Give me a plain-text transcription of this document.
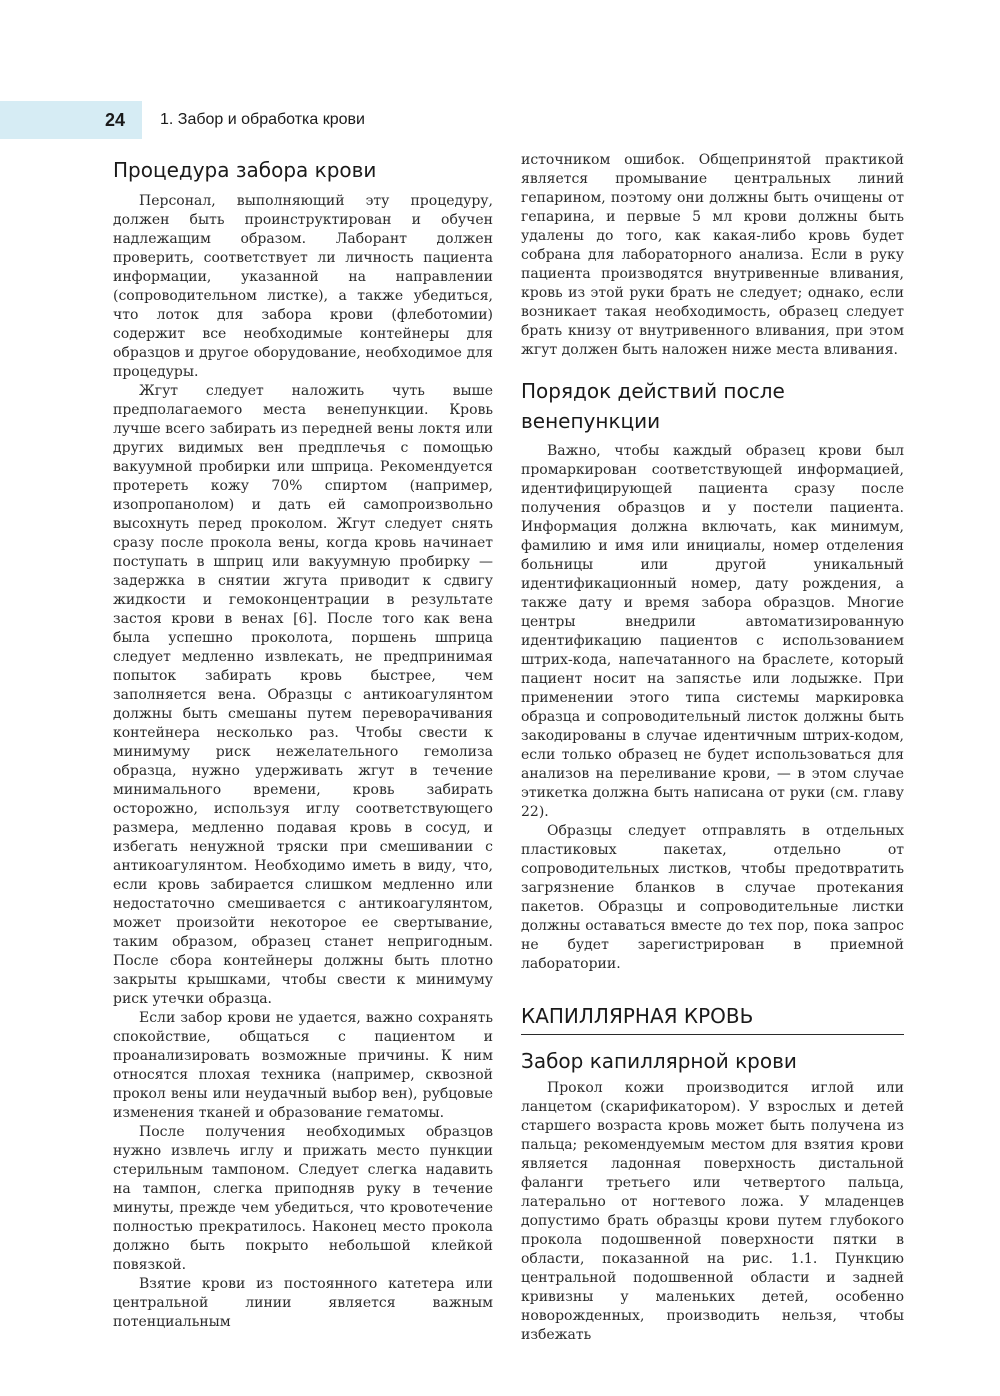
24	1. Забор и обработка крови
Процедура забора крови

Персонал, выполняющий эту процедуру, должен быть проинструктирован и обучен надлежащим образом. Лаборант должен проверить, соответствует ли личность пациента информации, указанной на направлении (сопроводительном листке), а также убедиться, что лоток для забора крови (флеботомии) содержит все необходимые контейнеры для образцов и другое оборудование, необходимое для процедуры.

Жгут следует наложить чуть выше предполагаемого места венепункции. Кровь лучше всего забирать из передней вены локтя или других видимых вен предплечья с помощью вакуумной пробирки или шприца. Рекомендуется протереть кожу 70% спиртом (например, изопропанолом) и дать ей самопроизвольно высохнуть перед проколом. Жгут следует снять сразу после прокола вены, когда кровь начинает поступать в шприц или вакуумную пробирку — задержка в снятии жгута приводит к сдвигу жидкости и гемоконцентрации в результате застоя крови в венах [6]. После того как вена была успешно проколота, поршень шприца следует медленно извлекать, не предпринимая попыток забирать кровь быстрее, чем заполняется вена. Образцы с антикоагулянтом должны быть смешаны путем переворачивания контейнера несколько раз. Чтобы свести к минимуму риск нежелательного гемолиза образца, нужно удерживать жгут в течение минимального времени, кровь забирать осторожно, используя иглу соответствующего размера, медленно подавая кровь в сосуд, и избегать ненужной тряски при смешивании с антикоагулянтом. Необходимо иметь в виду, что, если кровь забирается слишком медленно или недостаточно смешивается с антикоагулянтом, может произойти некоторое ее свертывание, таким образом, образец станет непригодным. После сбора контейнеры должны быть плотно закрыты крышками, чтобы свести к минимуму риск утечки образца.

Если забор крови не удается, важно сохранять спокойствие, общаться с пациентом и проанализировать возможные причины. К ним относятся плохая техника (например, сквозной прокол вены или неудачный выбор вен), рубцовые изменения тканей и образование гематомы.

После получения необходимых образцов нужно извлечь иглу и прижать место пункции стерильным тампоном. Следует слегка надавить на тампон, слегка приподняв руку в течение минуты, прежде чем убедиться, что кровотечение полностью прекратилось. Наконец место прокола должно быть покрыто небольшой клейкой повязкой.

Взятие крови из постоянного катетера или центральной линии является важным потенциальным

источником ошибок. Общепринятой практикой является промывание центральных линий гепарином, поэтому они должны быть очищены от гепарина, и первые 5 мл крови должны быть удалены до того, как какая-либо кровь будет собрана для лабораторного анализа. Если в руку пациента производятся внутривенные вливания, кровь из этой руки брать не следует; однако, если возникает такая необходимость, образец следует брать книзу от внутривенного вливания, при этом жгут должен быть наложен ниже места вливания.

Порядок действий после венепункции

Важно, чтобы каждый образец крови был промаркирован соответствующей информацией, идентифицирующей пациента сразу после получения образцов и у постели пациента. Информация должна включать, как минимум, фамилию и имя или инициалы, номер отделения больницы или другой уникальный идентификационный номер, дату рождения, а также дату и время забора образцов. Многие центры внедрили автоматизированную идентификацию пациентов с использованием штрих-кода, напечатанного на браслете, который пациент носит на запястье или лодыжке. При применении этого типа системы маркировка образца и сопроводительный листок должны быть закодированы в случае идентичным штрих-кодом, если только образец не будет использоваться для анализов на переливание крови, — в этом случае этикетка должна быть написана от руки (см. главу 22).

Образцы следует отправлять в отдельных пластиковых пакетах, отдельно от сопроводительных листков, чтобы предотвратить загрязнение бланков в случае протекания пакетов. Образцы и сопроводительные листки должны оставаться вместе до тех пор, пока запрос не будет зарегистрирован в приемной лаборатории.

КАПИЛЛЯРНАЯ КРОВЬ
Забор капиллярной крови

Прокол кожи производится иглой или ланцетом (скарификатором). У взрослых и детей старшего возраста кровь может быть получена из пальца; рекомендуемым местом для взятия крови является ладонная поверхность дистальной фаланги третьего или четвертого пальца, латерально от ногтевого ложа. У младенцев допустимо брать образцы крови путем глубокого прокола подошвенной поверхности пятки в области, показанной на рис. 1.1. Пункцию центральной подошвенной области и задней кривизны у маленьких детей, особенно новорожденных, производить нельзя, чтобы избежать
